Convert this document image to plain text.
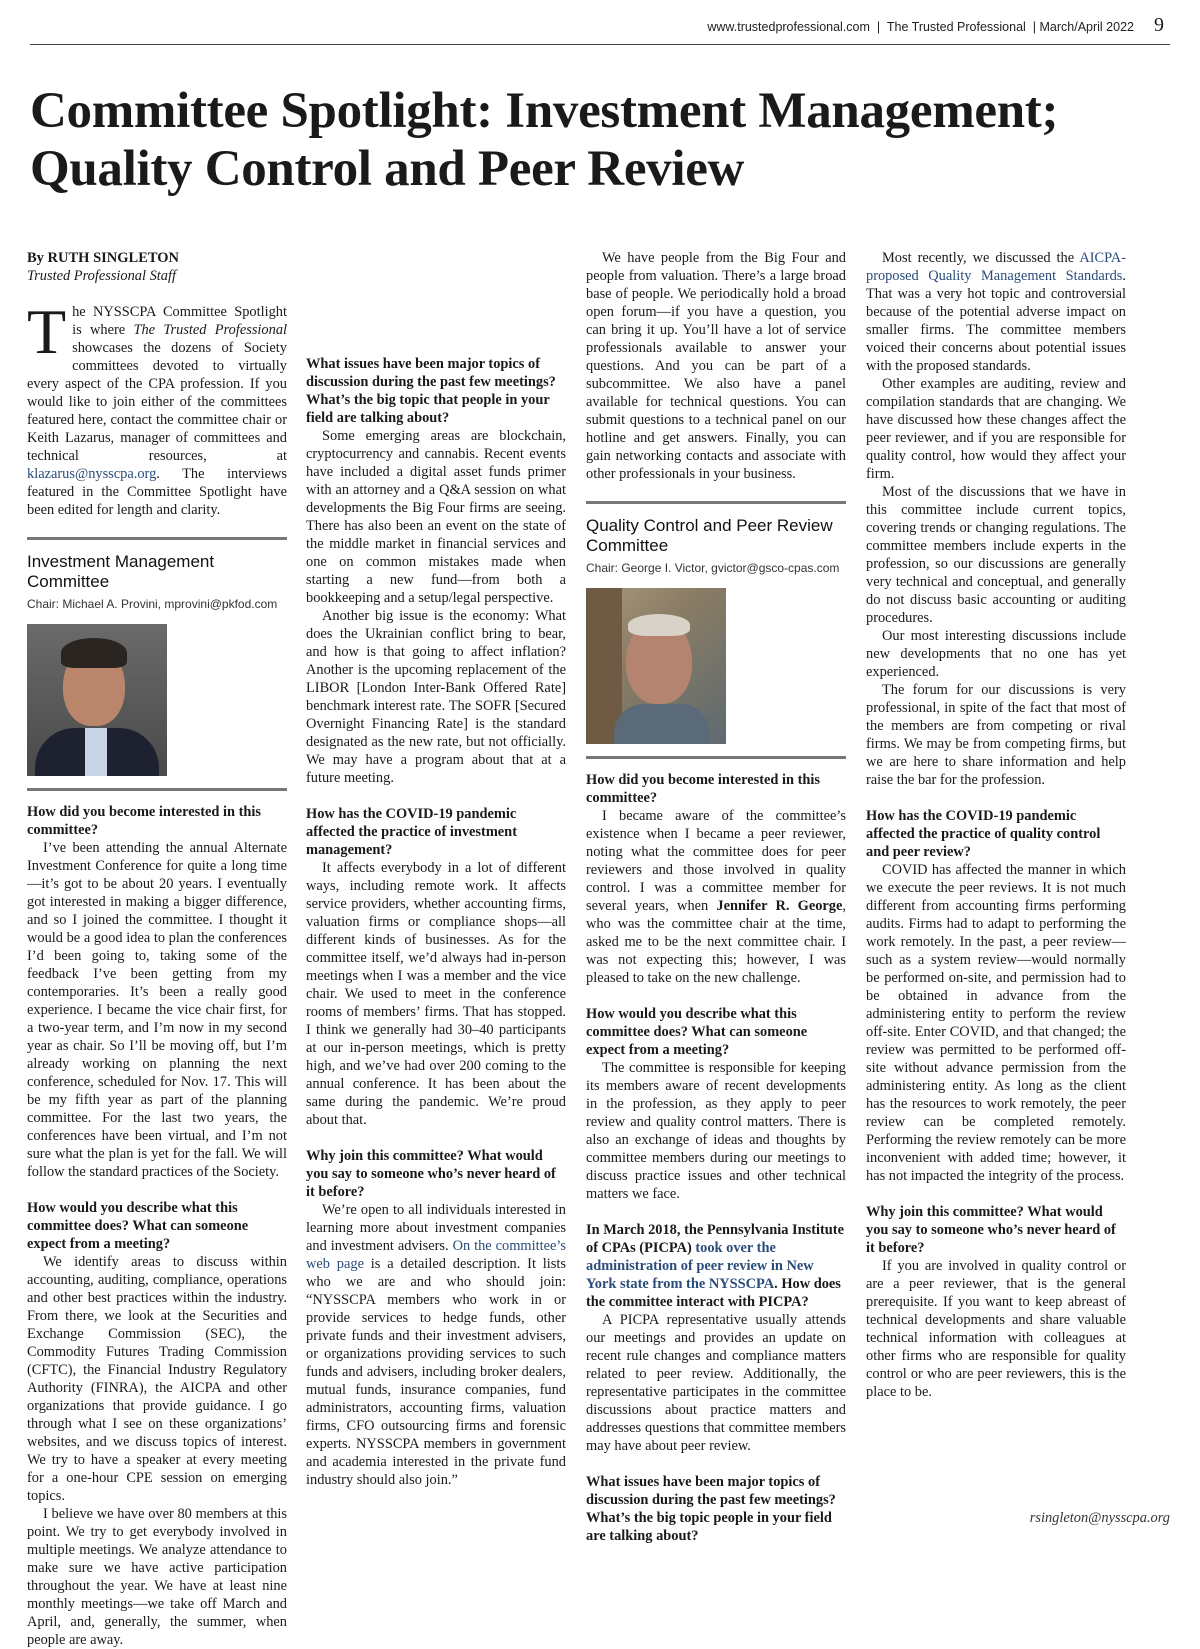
www.trustedprofessional.com  |  The Trusted Professional  | March/April 2022 9
Committee Spotlight: Investment Management;
Quality Control and Peer Review
By RUTH SINGLETON
Trusted Professional Staff

The NYSSCPA Committee Spotlight is where The Trusted Professional showcases the dozens of Society committees devoted to virtually every aspect of the CPA profession. If you would like to join either of the committees featured here, contact the committee chair or Keith Lazarus, manager of committees and technical resources, at klazarus@nysscpa.org. The interviews featured in the Committee Spotlight have been edited for length and clarity.

Investment Management Committee
Chair: Michael A. Provini, mprovini@pkfod.com
How did you become interested in this committee?

I’ve been attending the annual Alternate Investment Conference for quite a long time—it’s got to be about 20 years. I eventually got interested in making a bigger difference, and so I joined the committee. I thought it would be a good idea to plan the conferences I’d been going to, taking some of the feedback I’ve been getting from my contemporaries. It’s been a really good experience. I became the vice chair first, for a two-year term, and I’m now in my second year as chair. So I’ll be moving off, but I’m already working on planning the next conference, scheduled for Nov. 17. This will be my fifth year as part of the planning committee. For the last two years, the conferences have been virtual, and I’m not sure what the plan is yet for the fall. We will follow the standard practices of the Society.

How would you describe what this committee does? What can someone expect from a meeting?

We identify areas to discuss within accounting, auditing, compliance, operations and other best practices within the industry. From there, we look at the Securities and Exchange Commission (SEC), the Commodity Futures Trading Commission (CFTC), the Financial Industry Regulatory Authority (FINRA), the AICPA and other organizations that provide guidance. I go through what I see on these organizations’ websites, and we discuss topics of interest. We try to have a speaker at every meeting for a one-hour CPE session on emerging topics.

I believe we have over 80 members at this point. We try to get everybody involved in multiple meetings. We analyze attendance to make sure we have active participation throughout the year. We have at least nine monthly meetings—we take off March and April, and, generally, the summer, when people are away.

What issues have been major topics of discussion during the past few meetings? What’s the big topic that people in your field are talking about?

Some emerging areas are blockchain, cryptocurrency and cannabis. Recent events have included a digital asset funds primer with an attorney and a Q&A session on what developments the Big Four firms are seeing. There has also been an event on the state of the middle market in financial services and one on common mistakes made when starting a new fund—from both a bookkeeping and a setup/legal perspective.

Another big issue is the economy: What does the Ukrainian conflict bring to bear, and how is that going to affect inflation? Another is the upcoming replacement of the LIBOR [London Inter-Bank Offered Rate] benchmark interest rate. The SOFR [Secured Overnight Financing Rate] is the standard designated as the new rate, but not officially. We may have a program about that at a future meeting.

How has the COVID-19 pandemic affected the practice of investment management?

It affects everybody in a lot of different ways, including remote work. It affects service providers, whether accounting firms, valuation firms or compliance shops—all different kinds of businesses. As for the committee itself, we’d always had in-person meetings when I was a member and the vice chair. We used to meet in the conference rooms of members’ firms. That has stopped. I think we generally had 30–40 participants at our in-person meetings, which is pretty high, and we’ve had over 200 coming to the annual conference. It has been about the same during the pandemic. We’re proud about that.

Why join this committee? What would you say to someone who’s never heard of it before?

We’re open to all individuals interested in learning more about investment companies and investment advisers. On the committee’s web page is a detailed description. It lists who we are and who should join: “NYSSCPA members who work in or provide services to hedge funds, other private funds and their investment advisers, or organizations providing services to such funds and advisers, including broker dealers, mutual funds, insurance companies, fund administrators, accounting firms, valuation firms, CFO outsourcing firms and forensic experts. NYSSCPA members in government and academia interested in the private fund industry should also join.”

We have people from the Big Four and people from valuation. There’s a large broad base of people. We periodically hold a broad open forum—if you have a question, you can bring it up. You’ll have a lot of service professionals available to answer your questions. And you can be part of a subcommittee. We also have a panel available for technical questions. You can submit questions to a technical panel on our hotline and get answers. Finally, you can gain networking contacts and associate with other professionals in your business.

Quality Control and Peer Review Committee
Chair: George I. Victor, gvictor@gsco-cpas.com
How did you become interested in this committee?

I became aware of the committee’s existence when I became a peer reviewer, noting what the committee does for peer reviewers and those involved in quality control. I was a committee member for several years, when Jennifer R. George, who was the committee chair at the time, asked me to be the next committee chair. I was not expecting this; however, I was pleased to take on the new challenge.

How would you describe what this committee does? What can someone expect from a meeting?

The committee is responsible for keeping its members aware of recent developments in the profession, as they apply to peer review and quality control matters. There is also an exchange of ideas and thoughts by committee members during our meetings to discuss practice issues and other technical matters we face.

In March 2018, the Pennsylvania Institute of CPAs (PICPA) took over the administration of peer review in New York state from the NYSSCPA. How does the committee interact with PICPA?

A PICPA representative usually attends our meetings and provides an update on recent rule changes and compliance matters related to peer review. Additionally, the representative participates in the committee discussions about practice matters and addresses questions that committee members may have about peer review.

What issues have been major topics of discussion during the past few meetings? What’s the big topic people in your field are talking about?

Most recently, we discussed the AICPA-proposed Quality Management Standards. That was a very hot topic and controversial because of the potential adverse impact on smaller firms. The committee members voiced their concerns about potential issues with the proposed standards.

Other examples are auditing, review and compilation standards that are changing. We have discussed how these changes affect the peer reviewer, and if you are responsible for quality control, how would they affect your firm.

Most of the discussions that we have in this committee include current topics, covering trends or changing regulations. The committee members include experts in the profession, so our discussions are generally very technical and conceptual, and generally do not discuss basic accounting or auditing procedures.

Our most interesting discussions include new developments that no one has yet experienced.

The forum for our discussions is very professional, in spite of the fact that most of the members are from competing or rival firms. We may be from competing firms, but we are here to share information and help raise the bar for the profession.

How has the COVID-19 pandemic affected the practice of quality control and peer review?

COVID has affected the manner in which we execute the peer reviews. It is not much different from accounting firms performing audits. Firms had to adapt to performing the work remotely. In the past, a peer review—such as a system review—would normally be performed on-site, and permission had to be obtained in advance from the administering entity to perform the review off-site. Enter COVID, and that changed; the review was permitted to be performed off-site without advance permission from the administering entity. As long as the client has the resources to work remotely, the peer review can be completed remotely. Performing the review remotely can be more inconvenient with added time; however, it has not impacted the integrity of the process.

Why join this committee? What would you say to someone who’s never heard of it before?

If you are involved in quality control or are a peer reviewer, that is the general prerequisite. If you want to keep abreast of technical developments and share valuable technical information with colleagues at other firms who are responsible for quality control or who are peer reviewers, this is the place to be.

rsingleton@nysscpa.org
